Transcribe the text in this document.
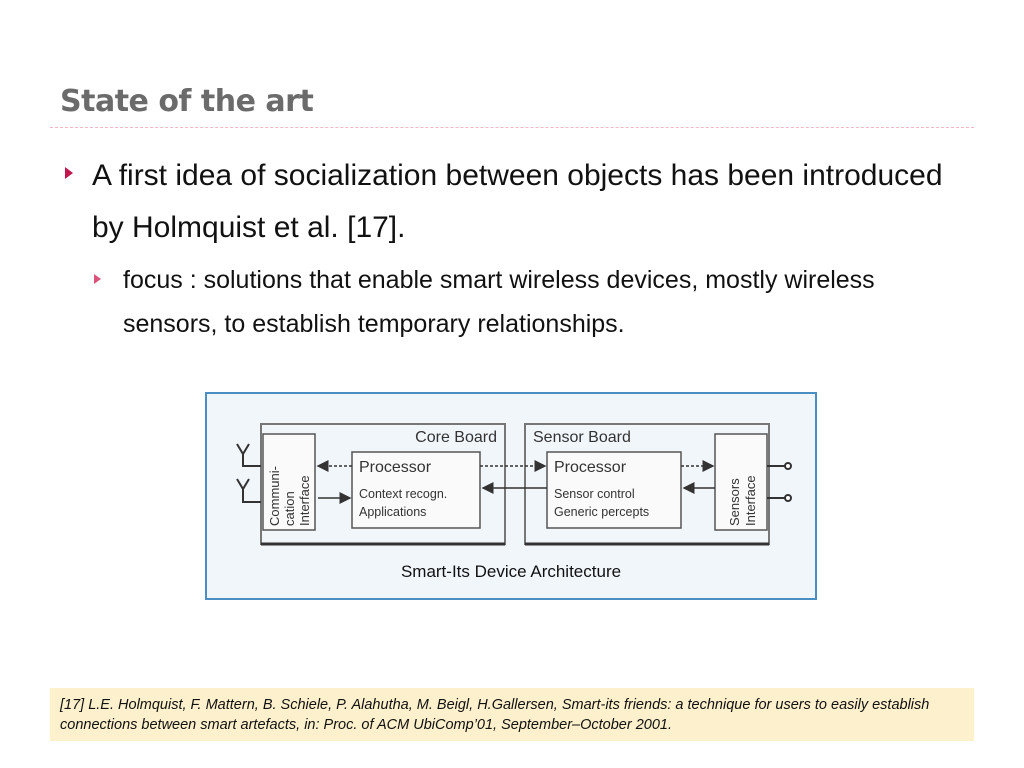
State of the art
A first idea of socialization between objects has been introduced by Holmquist et al. [17].
focus : solutions that enable smart wireless devices, mostly wireless sensors, to establish temporary relationships.
Core Board Sensor Board
Communi- cation Interface
Processor
Context recogn.
Applications
Processor
Sensor control
Generic percepts	Sensors Interface
Smart-Its Device Architecture
[17] L.E. Holmquist, F. Mattern, B. Schiele, P. Alahutha, M. Beigl, H.Gallersen, Smart-its friends: a technique for users to easily establish connections between smart artefacts, in: Proc. of ACM UbiComp’01, September–October 2001.
